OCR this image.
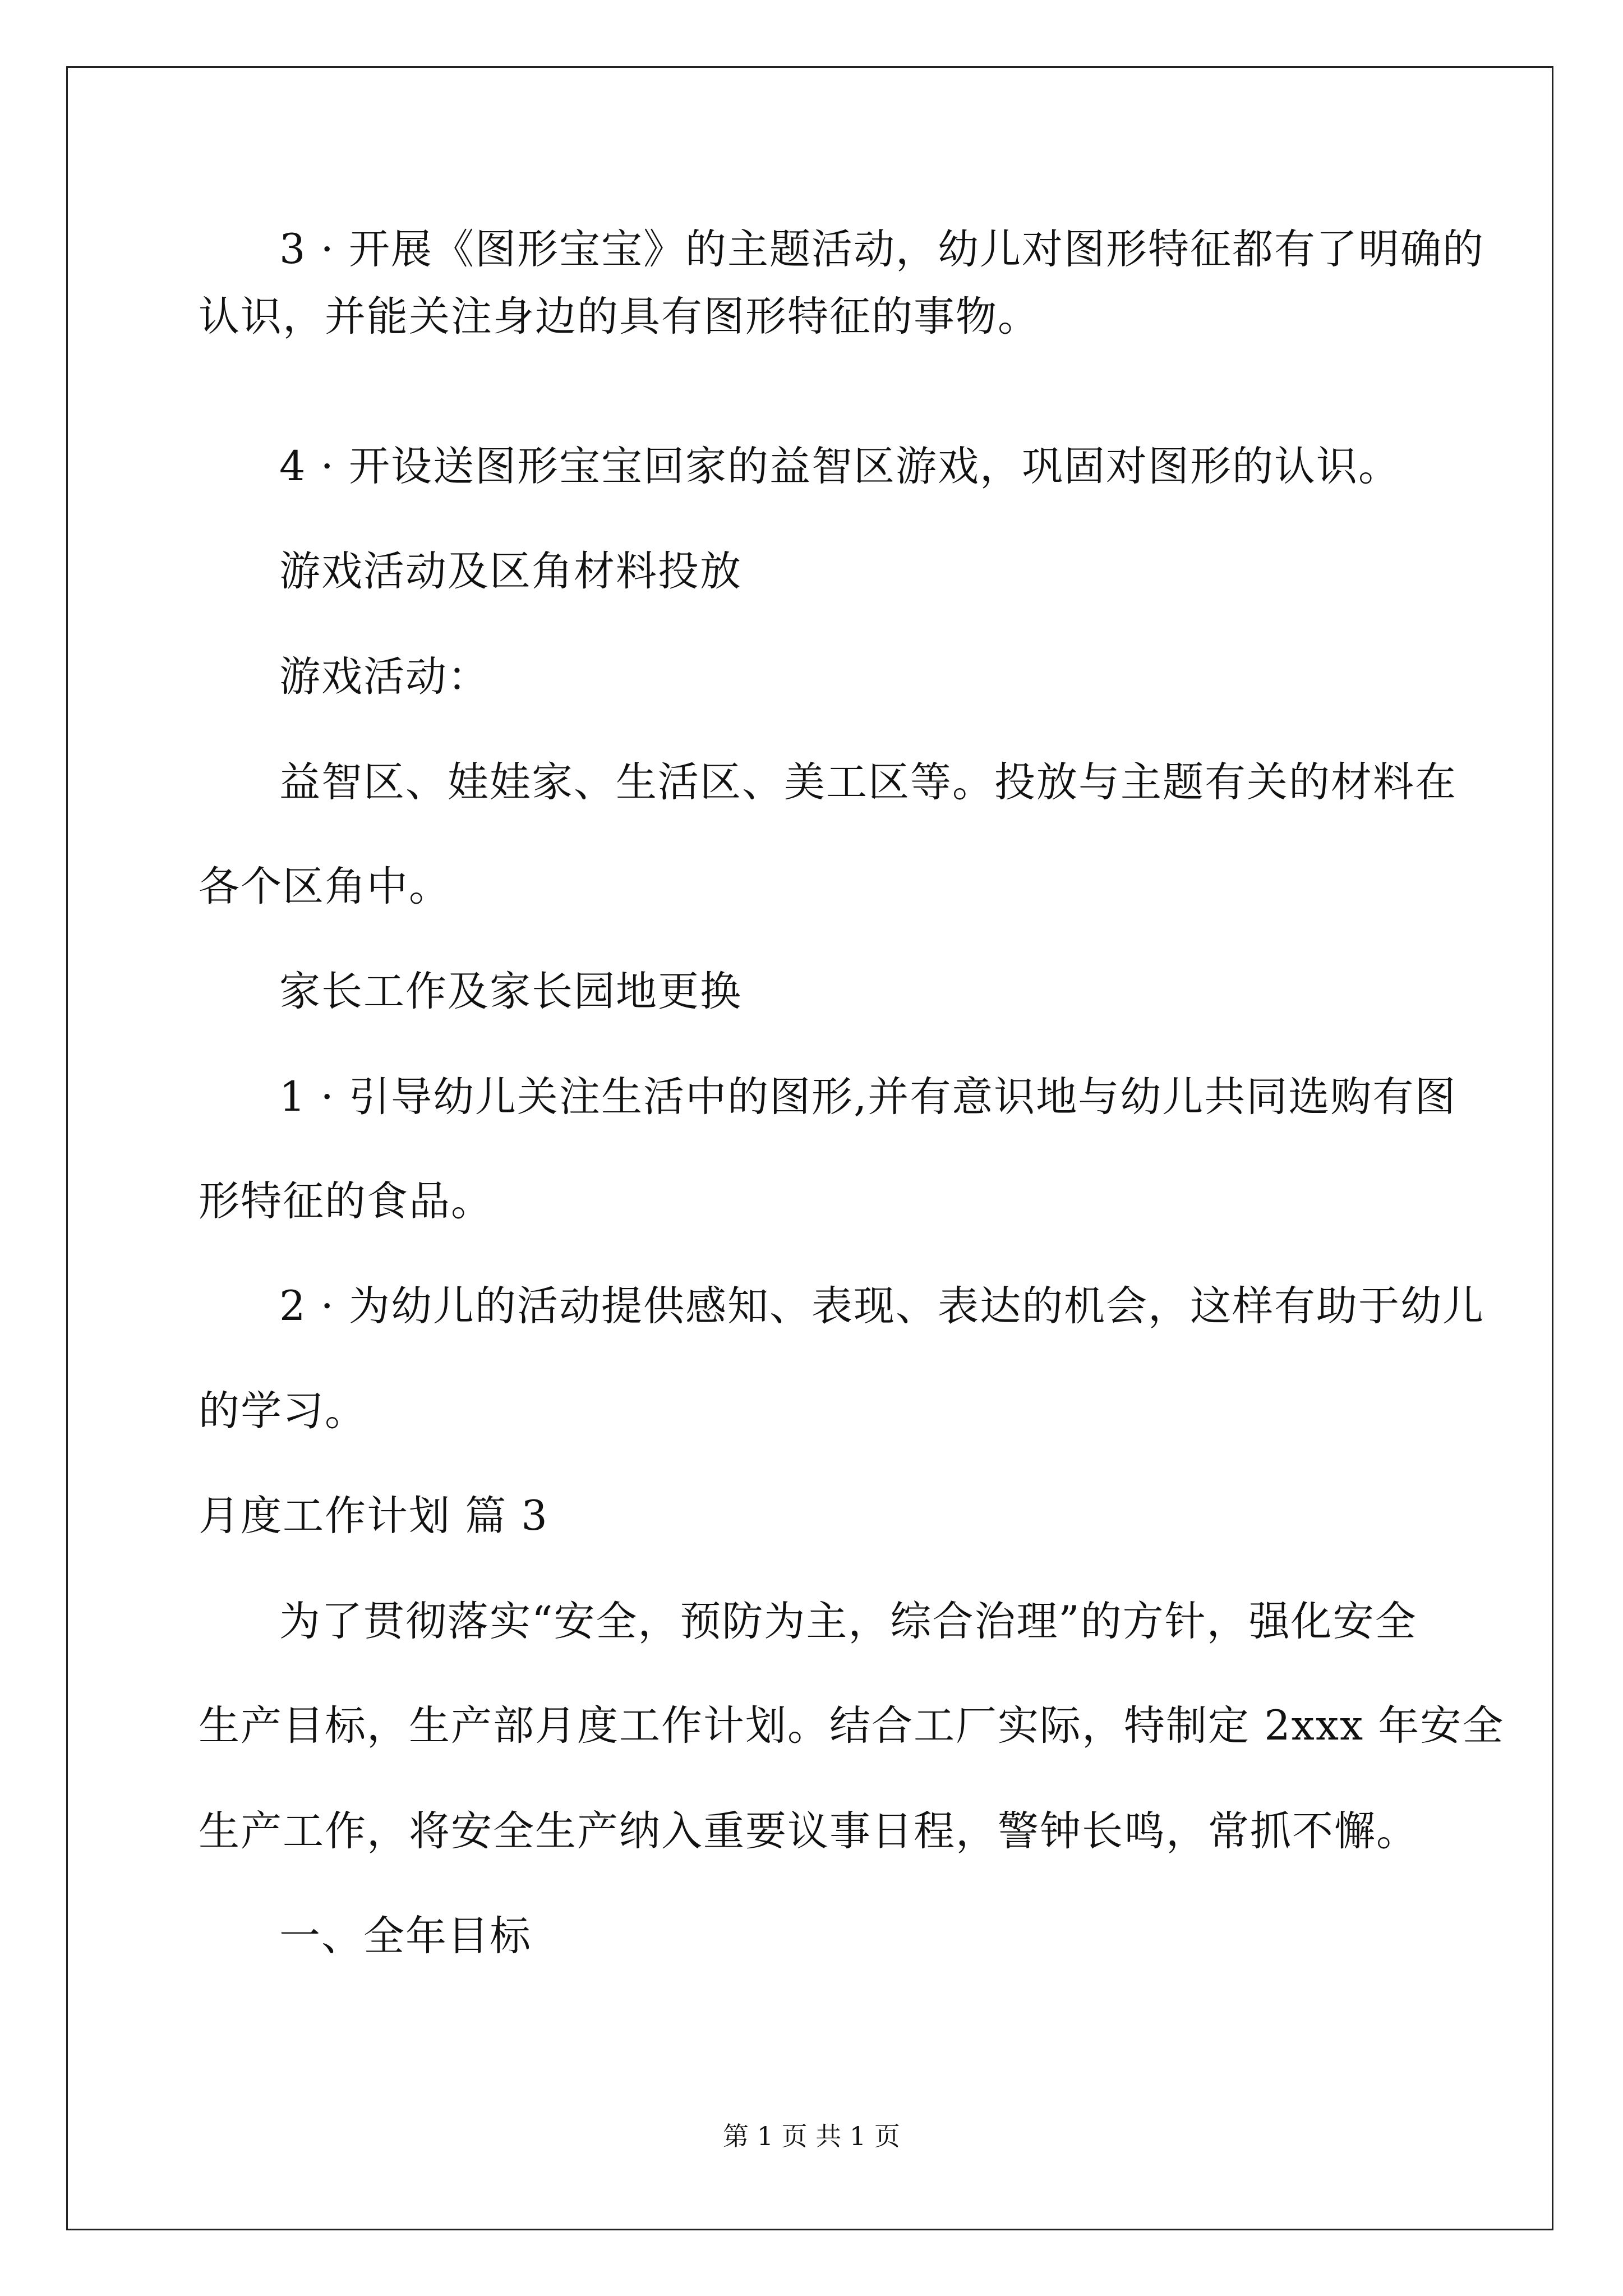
3 · 开展《图形宝宝》的主题活动，幼儿对图形特征都有了明确的

认识，并能关注身边的具有图形特征的事物。

4 · 开设送图形宝宝回家的益智区游戏，巩固对图形的认识。

游戏活动及区角材料投放

游戏活动：

益智区、娃娃家、生活区、美工区等。投放与主题有关的材料在

各个区角中。

家长工作及家长园地更换

1 · 引导幼儿关注生活中的图形,并有意识地与幼儿共同选购有图

形特征的食品。

2 · 为幼儿的活动提供感知、表现、表达的机会，这样有助于幼儿

的学习。

月度工作计划 篇 3

为了贯彻落实“安全，预防为主，综合治理”的方针，强化安全

生产目标，生产部月度工作计划。结合工厂实际，特制定 2xxx 年安全

生产工作，将安全生产纳入重要议事日程，警钟长鸣，常抓不懈。

一、全年目标

第 1 页 共 1 页
